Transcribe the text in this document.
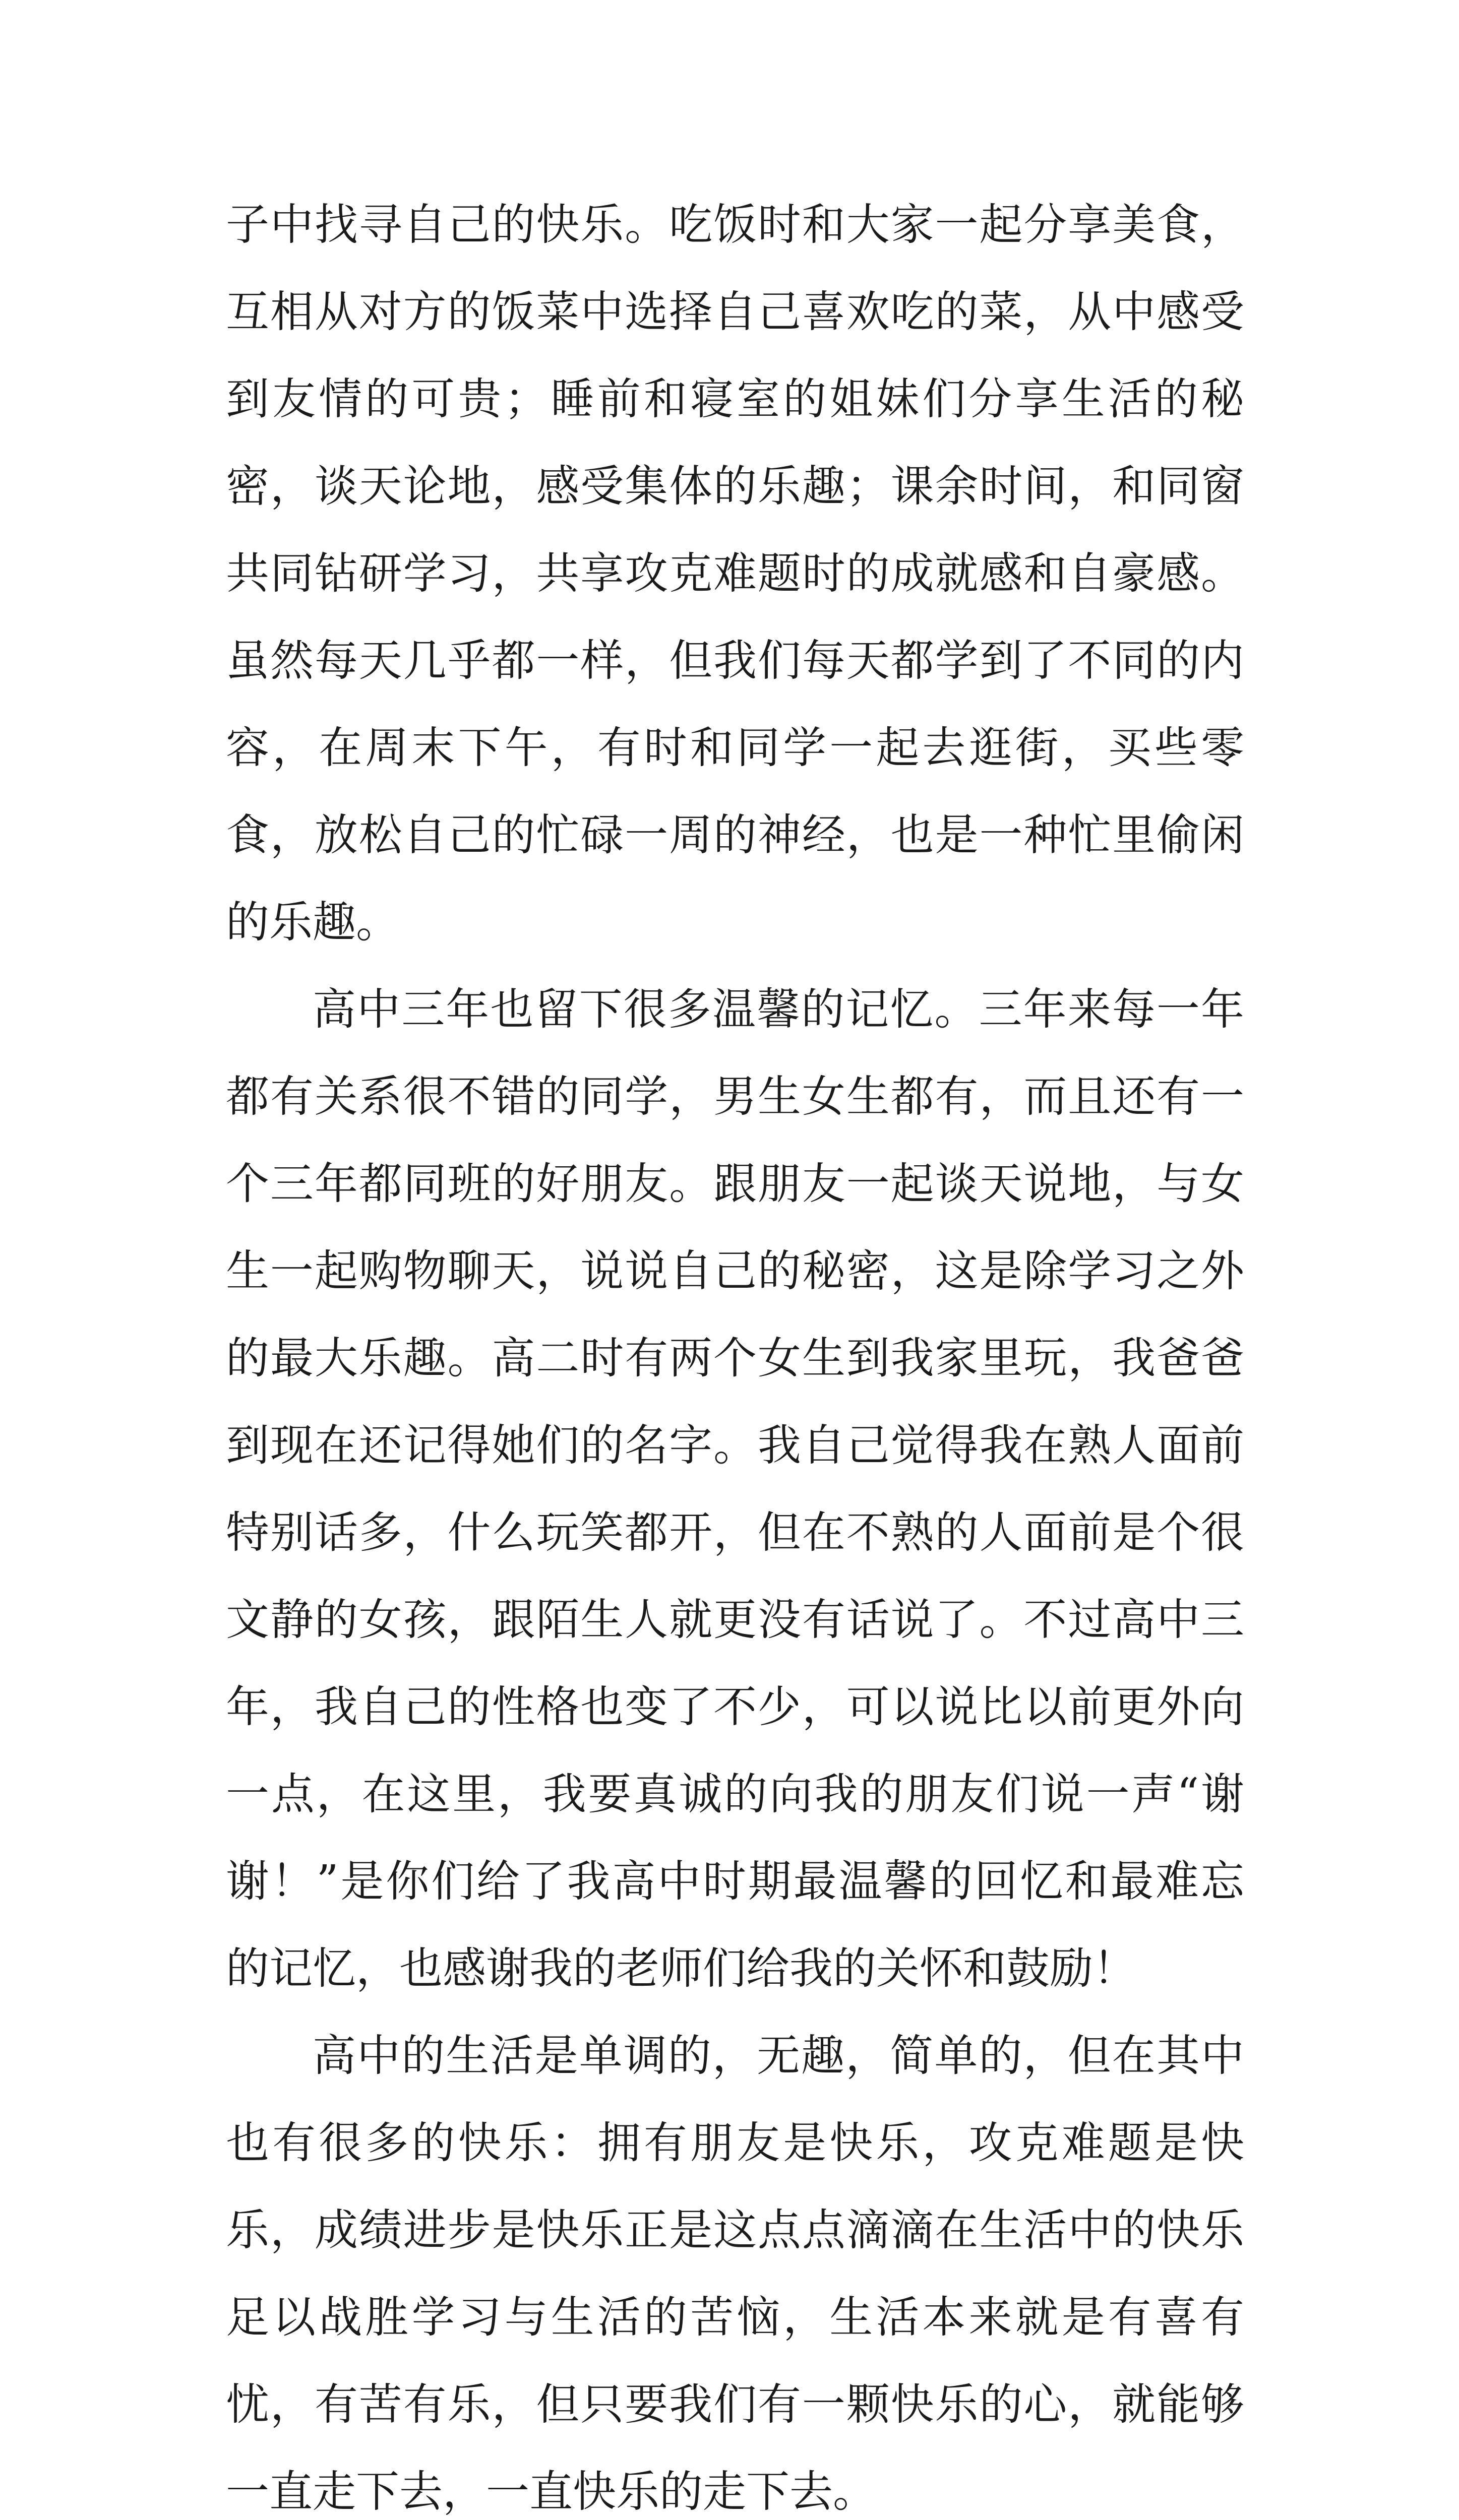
子中找寻自己的快乐。吃饭时和大家一起分享美食，互相从对方的饭菜中选择自己喜欢吃的菜，从中感受到友情的可贵；睡前和寝室的姐妹们分享生活的秘密，谈天论地，感受集体的乐趣；课余时间，和同窗共同钻研学习，共享攻克难题时的成就感和自豪感。虽然每天几乎都一样，但我们每天都学到了不同的内容，在周末下午，有时和同学一起去逛街，买些零食，放松自己的忙碌一周的神经，也是一种忙里偷闲的乐趣。

高中三年也留下很多温馨的记忆。三年来每一年都有关系很不错的同学，男生女生都有，而且还有一个三年都同班的好朋友。跟朋友一起谈天说地，与女生一起购物聊天，说说自己的秘密，这是除学习之外的最大乐趣。高二时有两个女生到我家里玩，我爸爸到现在还记得她们的名字。我自己觉得我在熟人面前特别话多，什么玩笑都开，但在不熟的人面前是个很文静的女孩，跟陌生人就更没有话说了。不过高中三年，我自己的性格也变了不少，可以说比以前更外向一点，在这里，我要真诚的向我的朋友们说一声“谢谢！”是你们给了我高中时期最温馨的回忆和最难忘的记忆，也感谢我的老师们给我的关怀和鼓励！

高中的生活是单调的，无趣，简单的，但在其中也有很多的快乐：拥有朋友是快乐，攻克难题是快乐，成绩进步是快乐正是这点点滴滴在生活中的快乐足以战胜学习与生活的苦恼，生活本来就是有喜有忧，有苦有乐，但只要我们有一颗快乐的心，就能够一直走下去，一直快乐的走下去。
